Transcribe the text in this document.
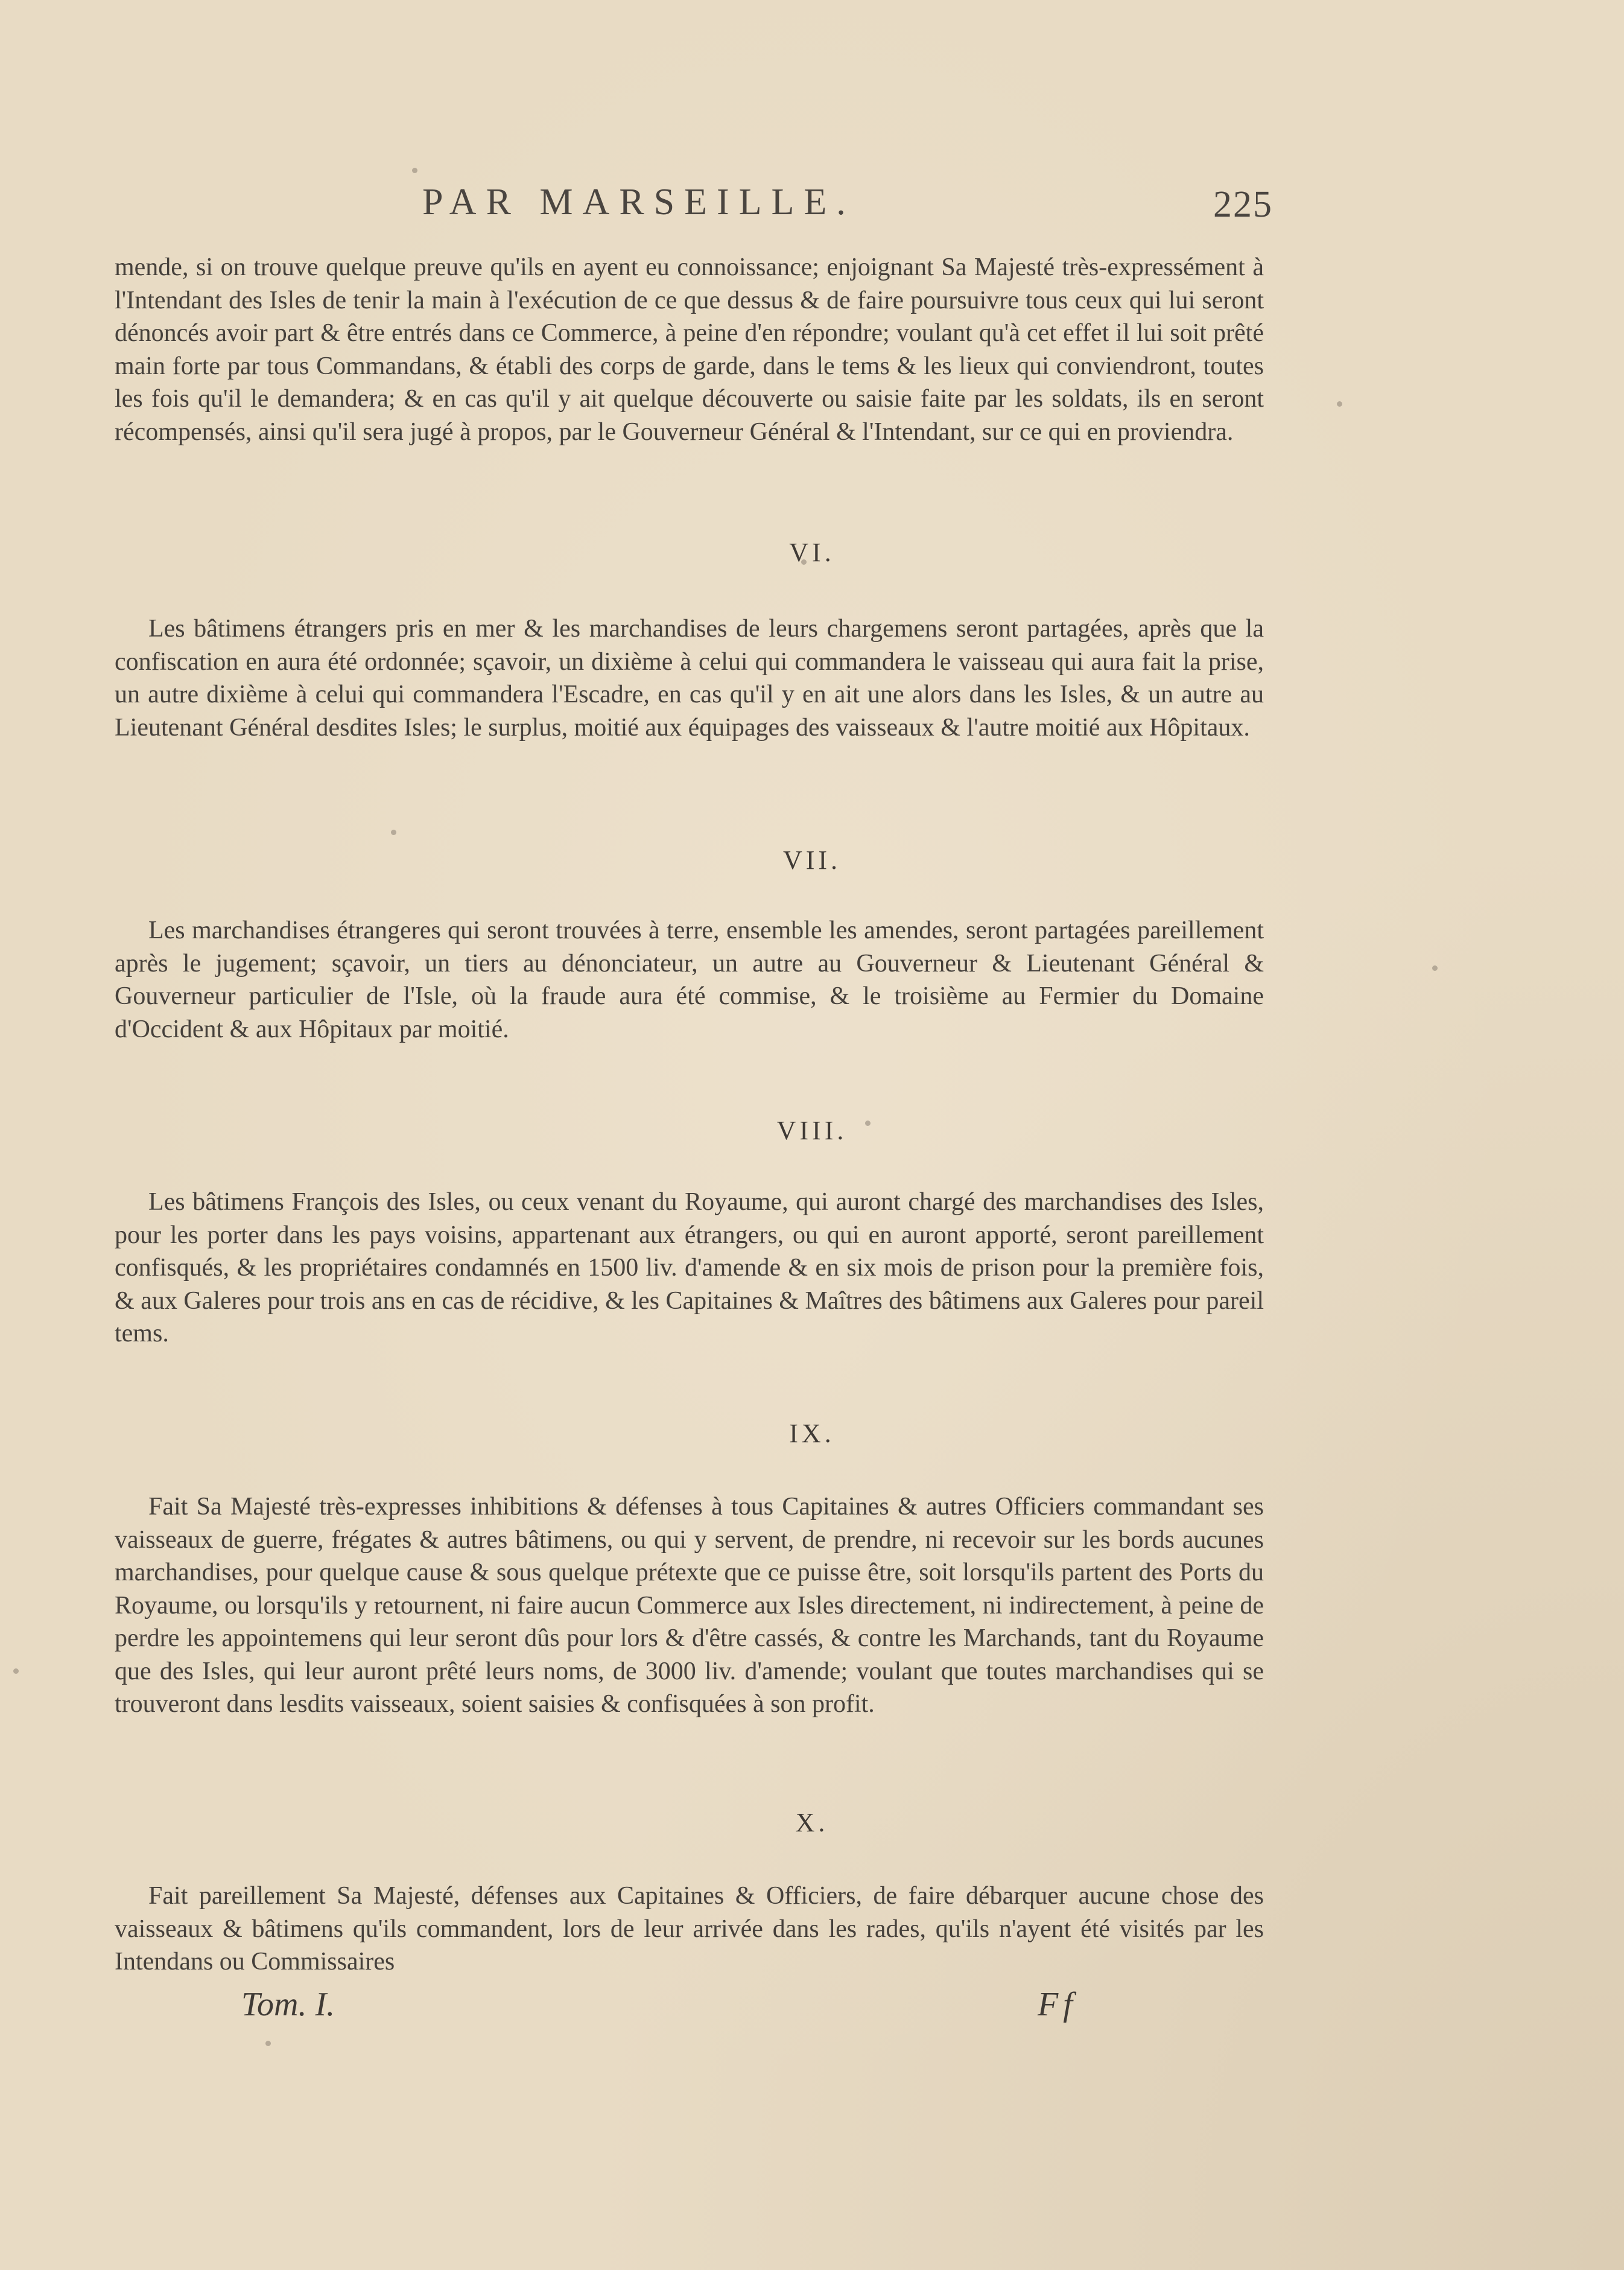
PAR MARSEILLE.	225

mende, si on trouve quelque preuve qu'ils en ayent eu connoissance; enjoignant Sa Majesté très-expressément à l'Intendant des Isles de tenir la main à l'exécution de ce que dessus & de faire poursuivre tous ceux qui lui seront dénoncés avoir part & être entrés dans ce Commerce, à peine d'en répondre; voulant qu'à cet effet il lui soit prêté main forte par tous Commandans, & établi des corps de garde, dans le tems & les lieux qui conviendront, toutes les fois qu'il le demandera; & en cas qu'il y ait quelque découverte ou saisie faite par les soldats, ils en seront récompensés, ainsi qu'il sera jugé à propos, par le Gouverneur Général & l'Intendant, sur ce qui en proviendra.

VI.

Les bâtimens étrangers pris en mer & les marchandises de leurs chargemens seront partagées, après que la confiscation en aura été ordonnée; sçavoir, un dixième à celui qui commandera le vaisseau qui aura fait la prise, un autre dixième à celui qui commandera l'Escadre, en cas qu'il y en ait une alors dans les Isles, & un autre au Lieutenant Général desdites Isles; le surplus, moitié aux équipages des vaisseaux & l'autre moitié aux Hôpitaux.

VII.

Les marchandises étrangeres qui seront trouvées à terre, ensemble les amendes, seront partagées pareillement après le jugement; sçavoir, un tiers au dénonciateur, un autre au Gouverneur & Lieutenant Général & Gouverneur particulier de l'Isle, où la fraude aura été commise, & le troisième au Fermier du Domaine d'Occident & aux Hôpitaux par moitié.

VIII.

Les bâtimens François des Isles, ou ceux venant du Royaume, qui auront chargé des marchandises des Isles, pour les porter dans les pays voisins, appartenant aux étrangers, ou qui en auront apporté, seront pareillement confisqués, & les propriétaires condamnés en 1500 liv. d'amende & en six mois de prison pour la première fois, & aux Galeres pour trois ans en cas de récidive, & les Capitaines & Maîtres des bâtimens aux Galeres pour pareil tems.

IX.

Fait Sa Majesté très-expresses inhibitions & défenses à tous Capitaines & autres Officiers commandant ses vaisseaux de guerre, frégates & autres bâtimens, ou qui y servent, de prendre, ni recevoir sur les bords aucunes marchandises, pour quelque cause & sous quelque prétexte que ce puisse être, soit lorsqu'ils partent des Ports du Royaume, ou lorsqu'ils y retournent, ni faire aucun Commerce aux Isles directement, ni indirectement, à peine de perdre les appointemens qui leur seront dûs pour lors & d'être cassés, & contre les Marchands, tant du Royaume que des Isles, qui leur auront prêté leurs noms, de 3000 liv. d'amende; voulant que toutes marchandises qui se trouveront dans lesdits vaisseaux, soient saisies & confisquées à son profit.

X.

Fait pareillement Sa Majesté, défenses aux Capitaines & Officiers, de faire débarquer aucune chose des vaisseaux & bâtimens qu'ils commandent, lors de leur arrivée dans les rades, qu'ils n'ayent été visités par les Intendans ou Commissaires

Tom. I.	Ff
